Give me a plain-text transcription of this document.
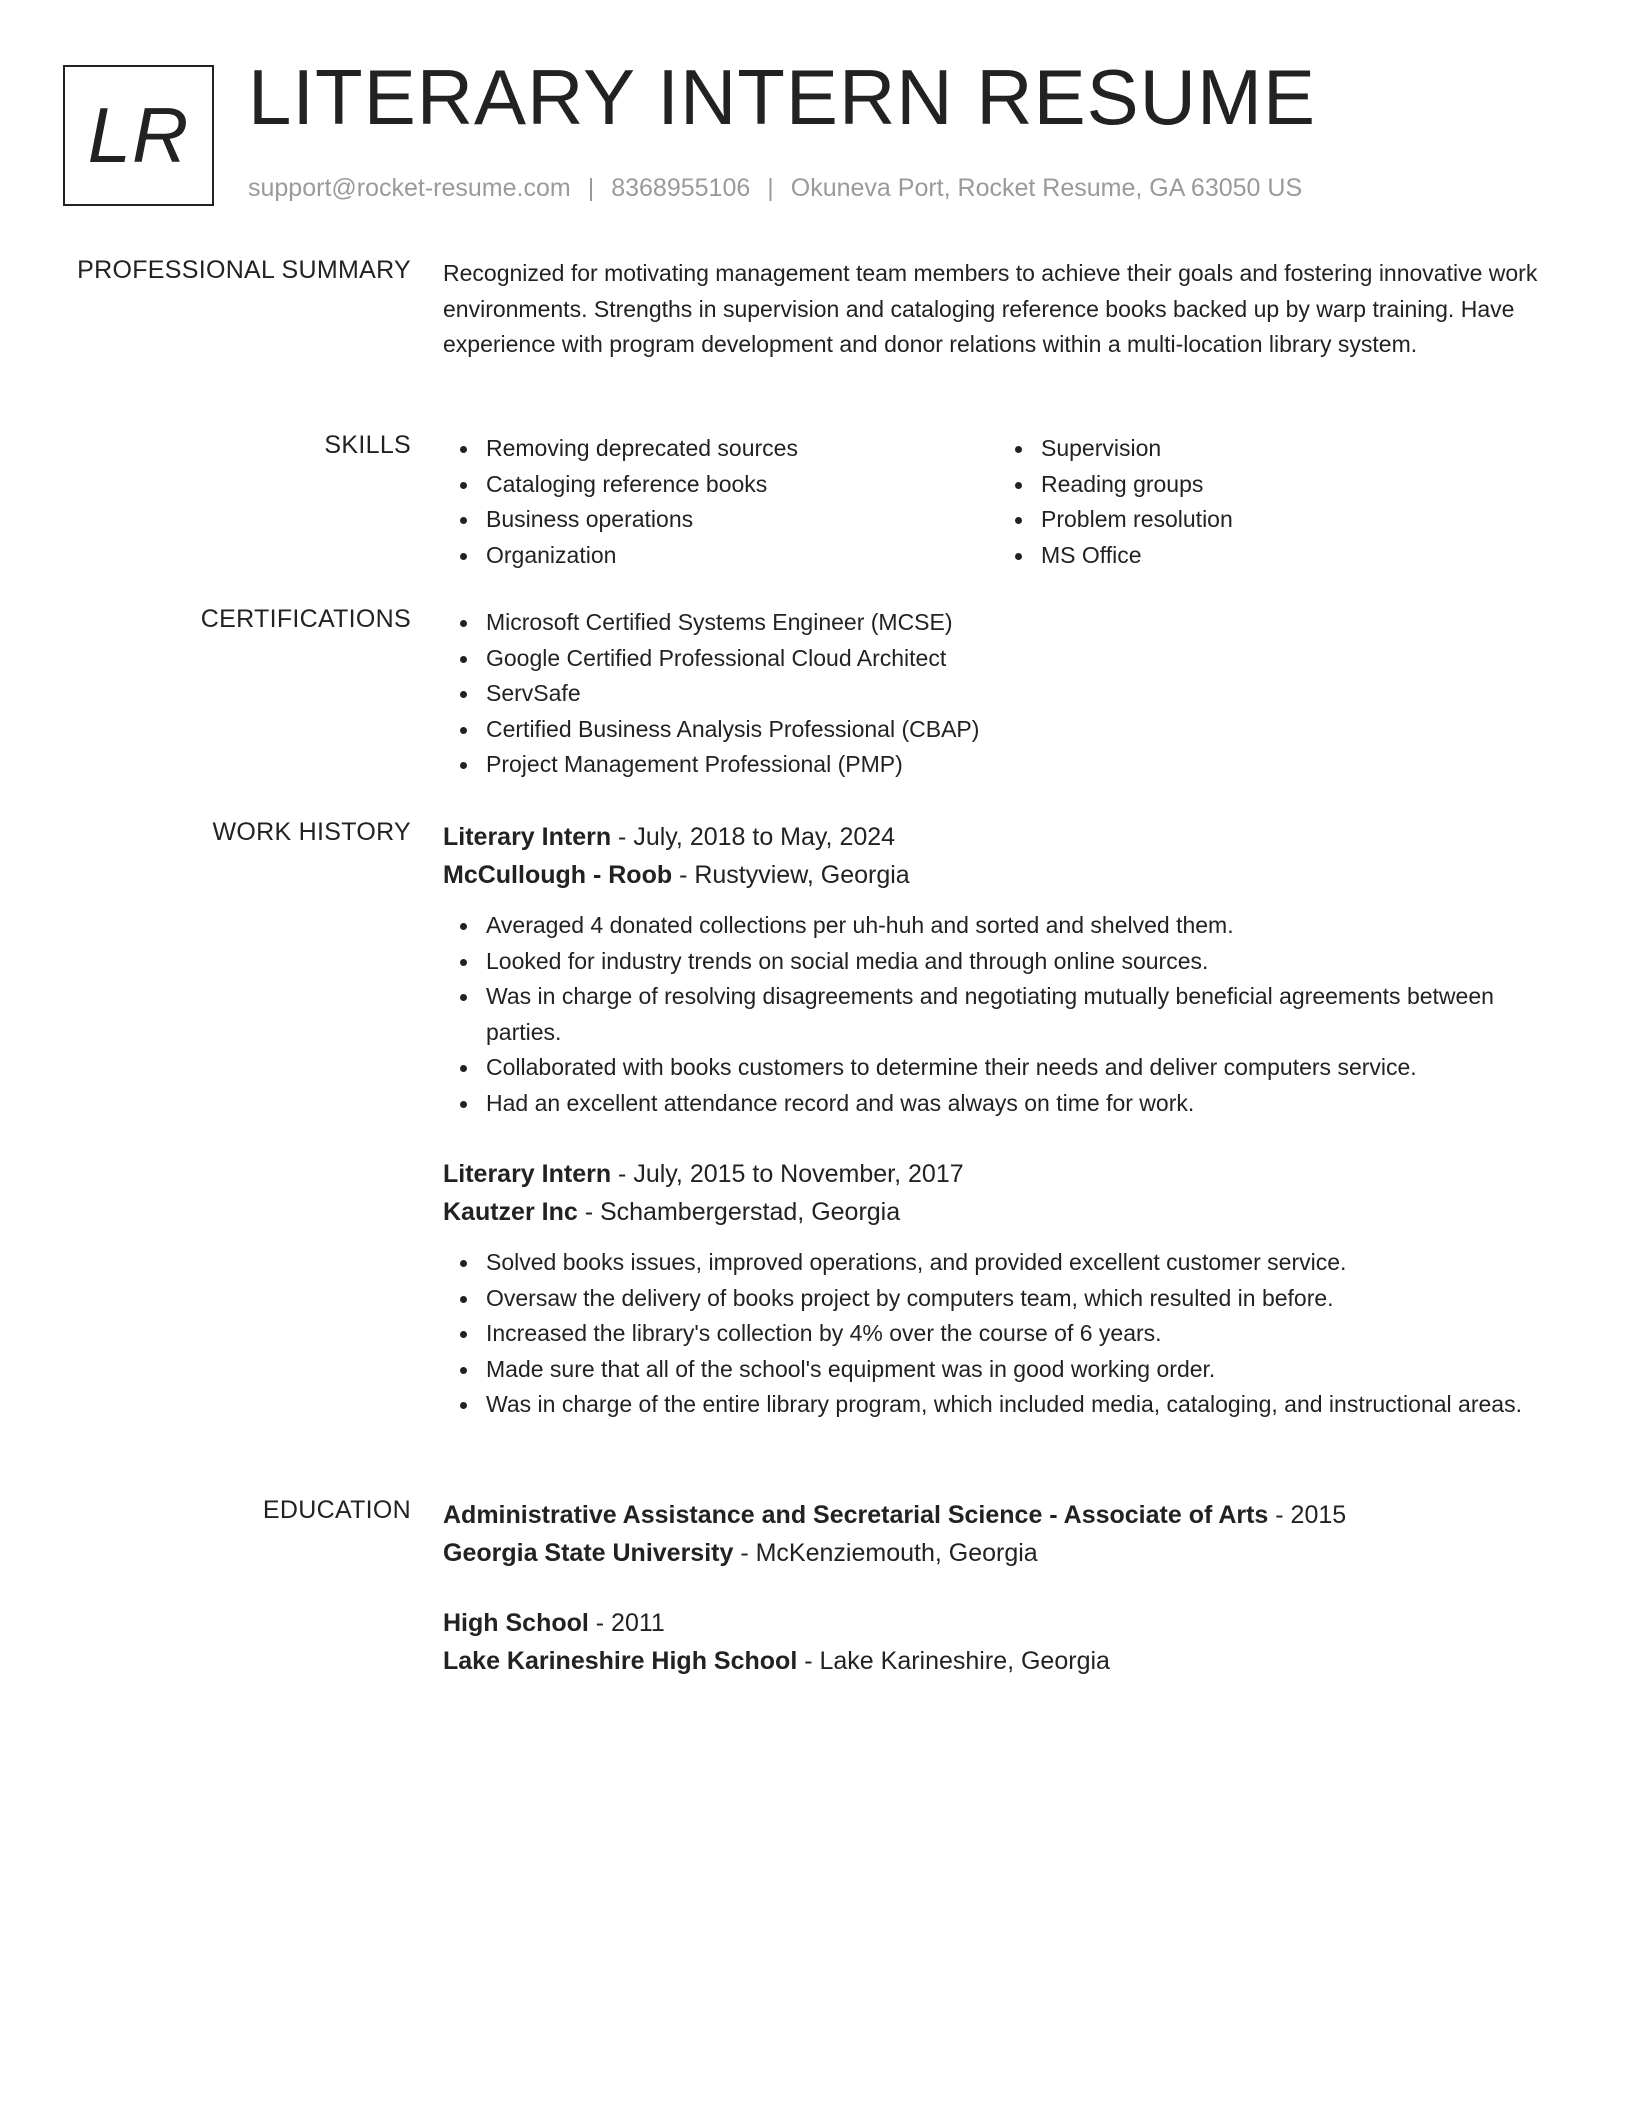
LR LITERARY INTERN RESUME
support@rocket-resume.com | 8368955106 | Okuneva Port, Rocket Resume, GA 63050 US
PROFESSIONAL SUMMARY Recognized for motivating management team members to achieve their goals and fostering innovative work environments. Strengths in supervision and cataloging reference books backed up by warp training. Have experience with program development and donor relations within a multi-location library system.
SKILLS	Removing deprecated sources
Cataloging reference books
Business operations
Organization
Supervision
Reading groups
Problem resolution
MS Office
CERTIFICATIONS	Microsoft Certified Systems Engineer (MCSE)
Google Certified Professional Cloud Architect
ServSafe
Certified Business Analysis Professional (CBAP)
Project Management Professional (PMP)
WORK HISTORY Literary Intern - July, 2018 to May, 2024
McCullough - Roob - Rustyview, Georgia
Averaged 4 donated collections per uh-huh and sorted and shelved them.
Looked for industry trends on social media and through online sources.
Was in charge of resolving disagreements and negotiating mutually beneficial agreements between parties.
Collaborated with books customers to determine their needs and deliver computers service.
Had an excellent attendance record and was always on time for work.
Literary Intern - July, 2015 to November, 2017
Kautzer Inc - Schambergerstad, Georgia
Solved books issues, improved operations, and provided excellent customer service.
Oversaw the delivery of books project by computers team, which resulted in before.
Increased the library's collection by 4% over the course of 6 years.
Made sure that all of the school's equipment was in good working order.
Was in charge of the entire library program, which included media, cataloging, and instructional areas.
EDUCATION Administrative Assistance and Secretarial Science - Associate of Arts - 2015
Georgia State University - McKenziemouth, Georgia
High School - 2011
Lake Karineshire High School - Lake Karineshire, Georgia
